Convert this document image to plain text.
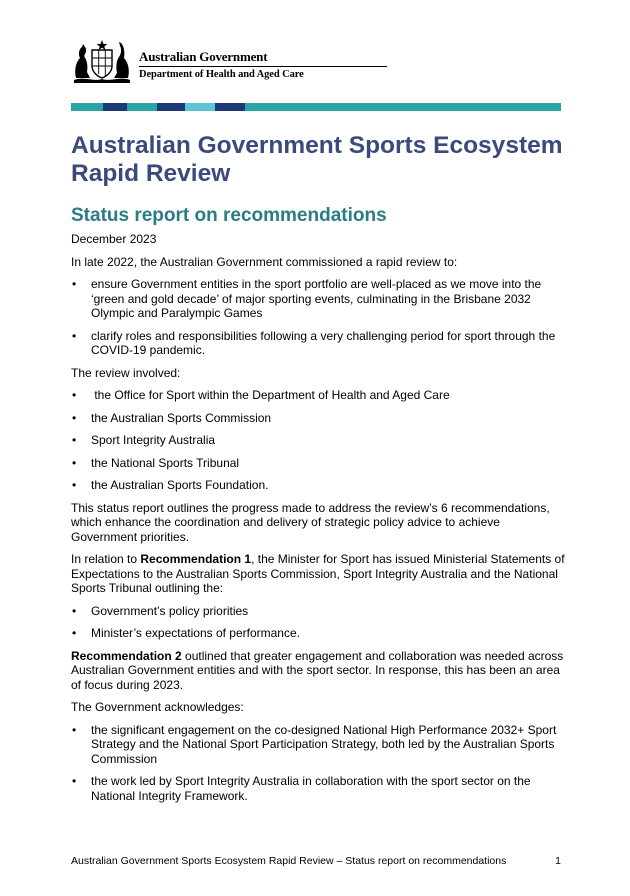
Australian Government
Department of Health and Aged Care
Australian Government Sports Ecosystem Rapid Review
Status report on recommendations

December 2023

In late 2022, the Australian Government commissioned a rapid review to:

• ensure Government entities in the sport portfolio are well-placed as we move into the ‘green and gold decade’ of major sporting events, culminating in the Brisbane 2032 Olympic and Paralympic Games
• clarify roles and responsibilities following a very challenging period for sport through the COVID-19 pandemic.

The review involved:

• the Office for Sport within the Department of Health and Aged Care
• the Australian Sports Commission
• Sport Integrity Australia
• the National Sports Tribunal
• the Australian Sports Foundation.

This status report outlines the progress made to address the review’s 6 recommendations, which enhance the coordination and delivery of strategic policy advice to achieve Government priorities.

In relation to Recommendation 1, the Minister for Sport has issued Ministerial Statements of Expectations to the Australian Sports Commission, Sport Integrity Australia and the National Sports Tribunal outlining the:

• Government’s policy priorities
• Minister’s expectations of performance.

Recommendation 2 outlined that greater engagement and collaboration was needed across Australian Government entities and with the sport sector. In response, this has been an area of focus during 2023.

The Government acknowledges:

• the significant engagement on the co-designed National High Performance 2032+ Sport Strategy and the National Sport Participation Strategy, both led by the Australian Sports Commission
• the work led by Sport Integrity Australia in collaboration with the sport sector on the National Integrity Framework.
Australian Government Sports Ecosystem Rapid Review – Status report on recommendations	1
